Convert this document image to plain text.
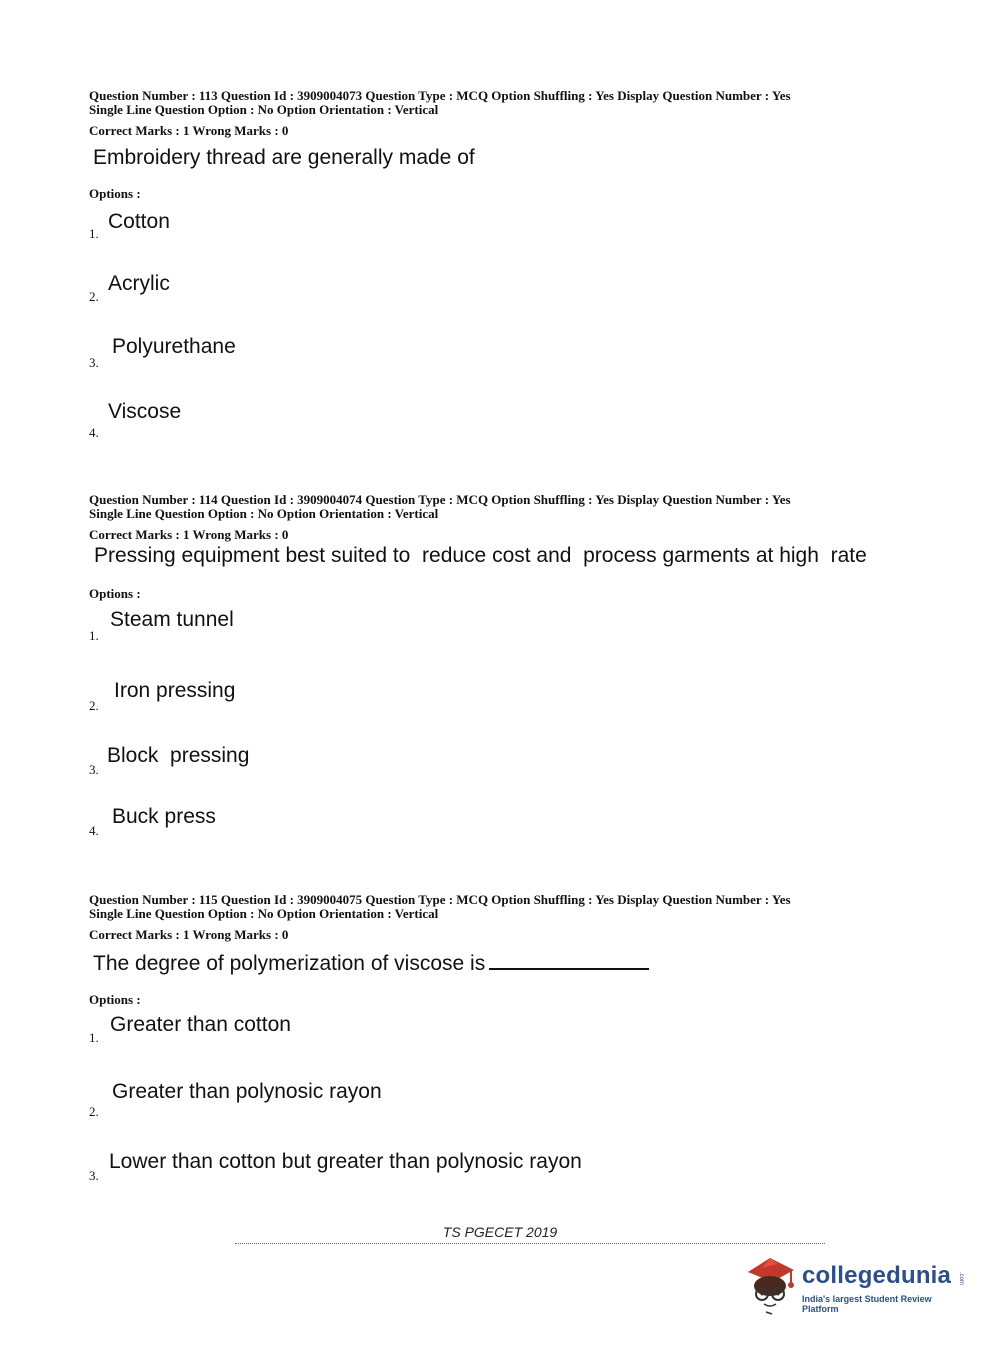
Question Number : 113 Question Id : 3909004073 Question Type : MCQ Option Shuffling : Yes Display Question Number : Yes
Single Line Question Option : No Option Orientation : Vertical
Correct Marks : 1 Wrong Marks : 0
Embroidery thread are generally made of
Options :
1.
Cotton
2.
Acrylic
3.
Polyurethane
4.
Viscose
Question Number : 114 Question Id : 3909004074 Question Type : MCQ Option Shuffling : Yes Display Question Number : Yes
Single Line Question Option : No Option Orientation : Vertical
Correct Marks : 1 Wrong Marks : 0
Pressing equipment best suited to  reduce cost and  process garments at high  rate
Options :
1.
Steam tunnel
2.
Iron pressing
3.
Block  pressing
4.
Buck press
Question Number : 115 Question Id : 3909004075 Question Type : MCQ Option Shuffling : Yes Display Question Number : Yes
Single Line Question Option : No Option Orientation : Vertical
Correct Marks : 1 Wrong Marks : 0
The degree of polymerization of viscose is
Options :
1.
Greater than cotton
2.
Greater than polynosic rayon
3.
Lower than cotton but greater than polynosic rayon
TS PGECET 2019
collegedunia .com
India's largest Student Review Platform
